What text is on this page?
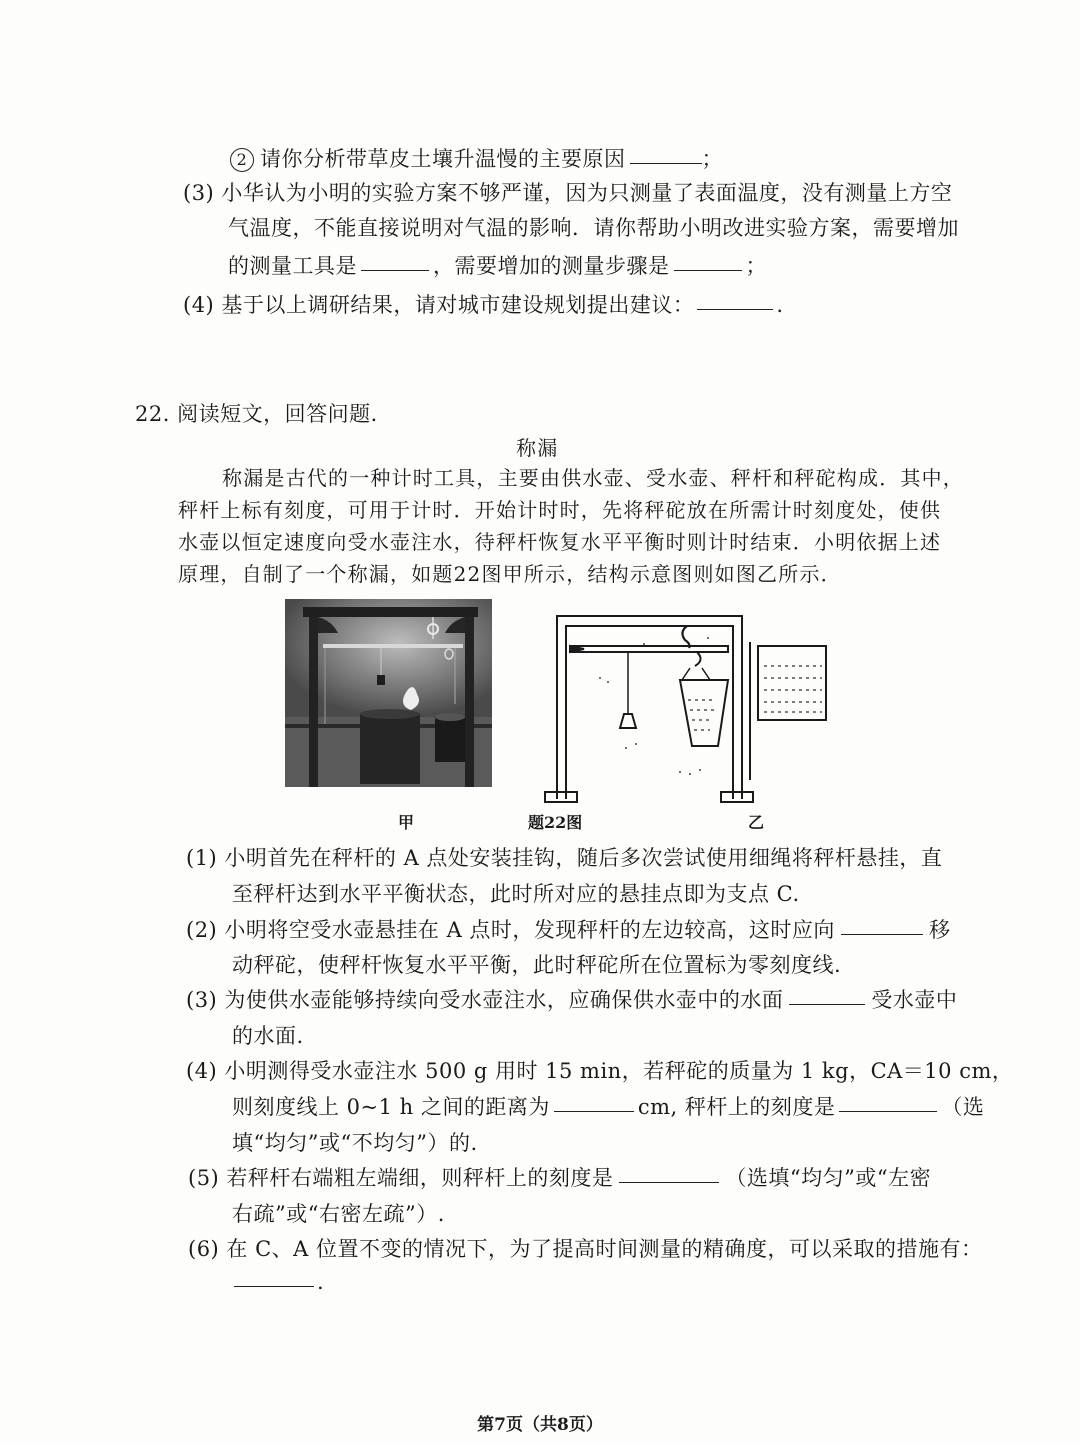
2 请你分析带草皮土壤升温慢的主要原因	；
(3) 小华认为小明的实验方案不够严谨，因为只测量了表面温度，没有测量上方空
气温度，不能直接说明对气温的影响．请你帮助小明改进实验方案，需要增加
的测量工具是	，需要增加的测量步骤是	；
(4) 基于以上调研结果，请对城市建设规划提出建议：	.
22. 阅读短文，回答问题．
称漏
称漏是古代的一种计时工具，主要由供水壶、受水壶、秤杆和秤砣构成．其中，
秤杆上标有刻度，可用于计时．开始计时时，先将秤砣放在所需计时刻度处，使供
水壶以恒定速度向受水壶注水，待秤杆恢复水平平衡时则计时结束．小明依据上述
原理，自制了一个称漏，如题22图甲所示，结构示意图则如图乙所示．
甲	题22图	乙
(1) 小明首先在秤杆的 A 点处安装挂钩，随后多次尝试使用细绳将秤杆悬挂，直
至秤杆达到水平平衡状态，此时所对应的悬挂点即为支点 C.
(2) 小明将空受水壶悬挂在 A 点时，发现秤杆的左边较高，这时应向	移
动秤砣，使秤杆恢复水平平衡，此时秤砣所在位置标为零刻度线.
(3) 为使供水壶能够持续向受水壶注水，应确保供水壶中的水面	受水壶中
的水面.
(4) 小明测得受水壶注水 500 g 用时 15 min，若秤砣的质量为 1 kg，CA＝10 cm，
则刻度线上 0~1 h 之间的距离为	cm, 秤杆上的刻度是	（选
填“均匀”或“不均匀”）的.
(5) 若秤杆右端粗左端细，则秤杆上的刻度是	（选填“均匀”或“左密
右疏”或“右密左疏”）.
(6) 在 C、A 位置不变的情况下，为了提高时间测量的精确度，可以采取的措施有：
.
第7页（共8页）
